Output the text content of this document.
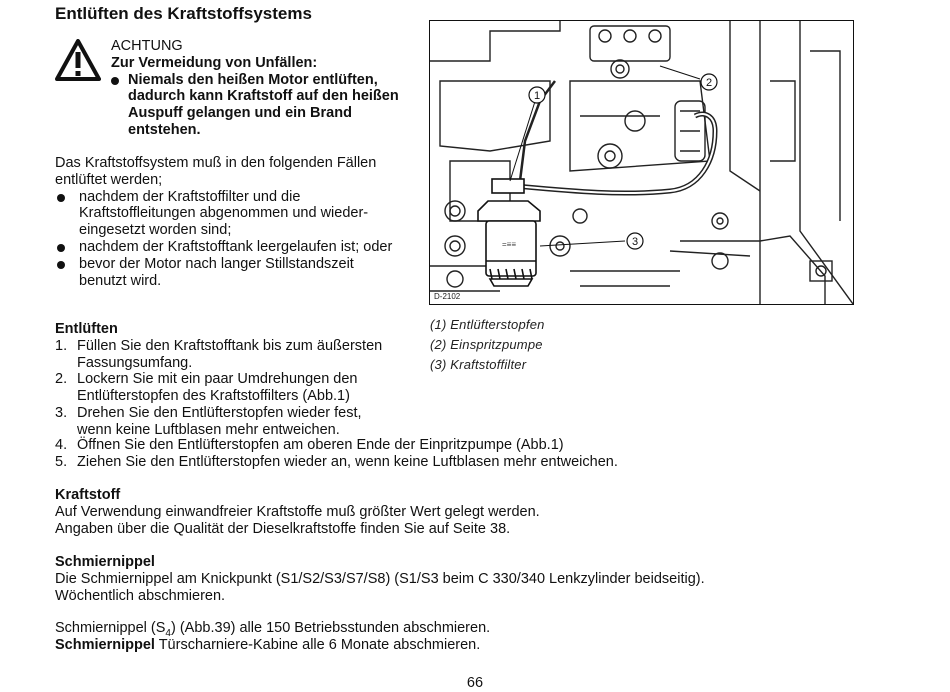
Entlüften des Kraftstoffsystems
ACHTUNG
Zur Vermeidung von Unfällen:
Niemals den heißen Motor entlüften, dadurch kann Kraftstoff auf den heißen Auspuff gelangen und ein Brand entstehen.

Das Kraftstoffsystem muß in den folgenden Fällen entlüftet werden;

nachdem der Kraftstoffilter und die Kraftstoffleitungen abgenommen und wieder-eingesetzt worden sind;
nachdem der Kraftstofftank leergelaufen ist; oder
bevor der Motor nach langer Stillstandszeit benutzt wird.
=≡≡
1
2
3
D-2102
(1) Entlüfterstopfen
(2) Einspritzpumpe
(3) Kraftstoffilter
Entlüften
1. Füllen Sie den Kraftstofftank bis zum äußersten Fassungsumfang.
2. Lockern Sie mit ein paar Umdrehungen den Entlüfterstopfen des Kraftstoffilters (Abb.1)
3. Drehen Sie den Entlüfterstopfen wieder fest, wenn keine Luftblasen mehr entweichen.
4. Öffnen Sie den Entlüfterstopfen am oberen Ende der Einpritzpumpe (Abb.1)
5. Ziehen Sie den Entlüfterstopfen wieder an, wenn keine Luftblasen mehr entweichen.
Kraftstoff

Auf Verwendung einwandfreier Kraftstoffe muß größter Wert gelegt werden.

Angaben über die Qualität der Dieselkraftstoffe finden Sie auf Seite 38.

Schmiernippel

Die Schmiernippel am Knickpunkt (S1/S2/S3/S7/S8) (S1/S3 beim C 330/340 Lenkzylinder beidseitig).

Wöchentlich abschmieren.

Schmiernippel $(S_4)$ (Abb.39) alle 150 Betriebsstunden abschmieren.

Schmiernippel Türscharniere-Kabine alle 6 Monate abschmieren.

66
